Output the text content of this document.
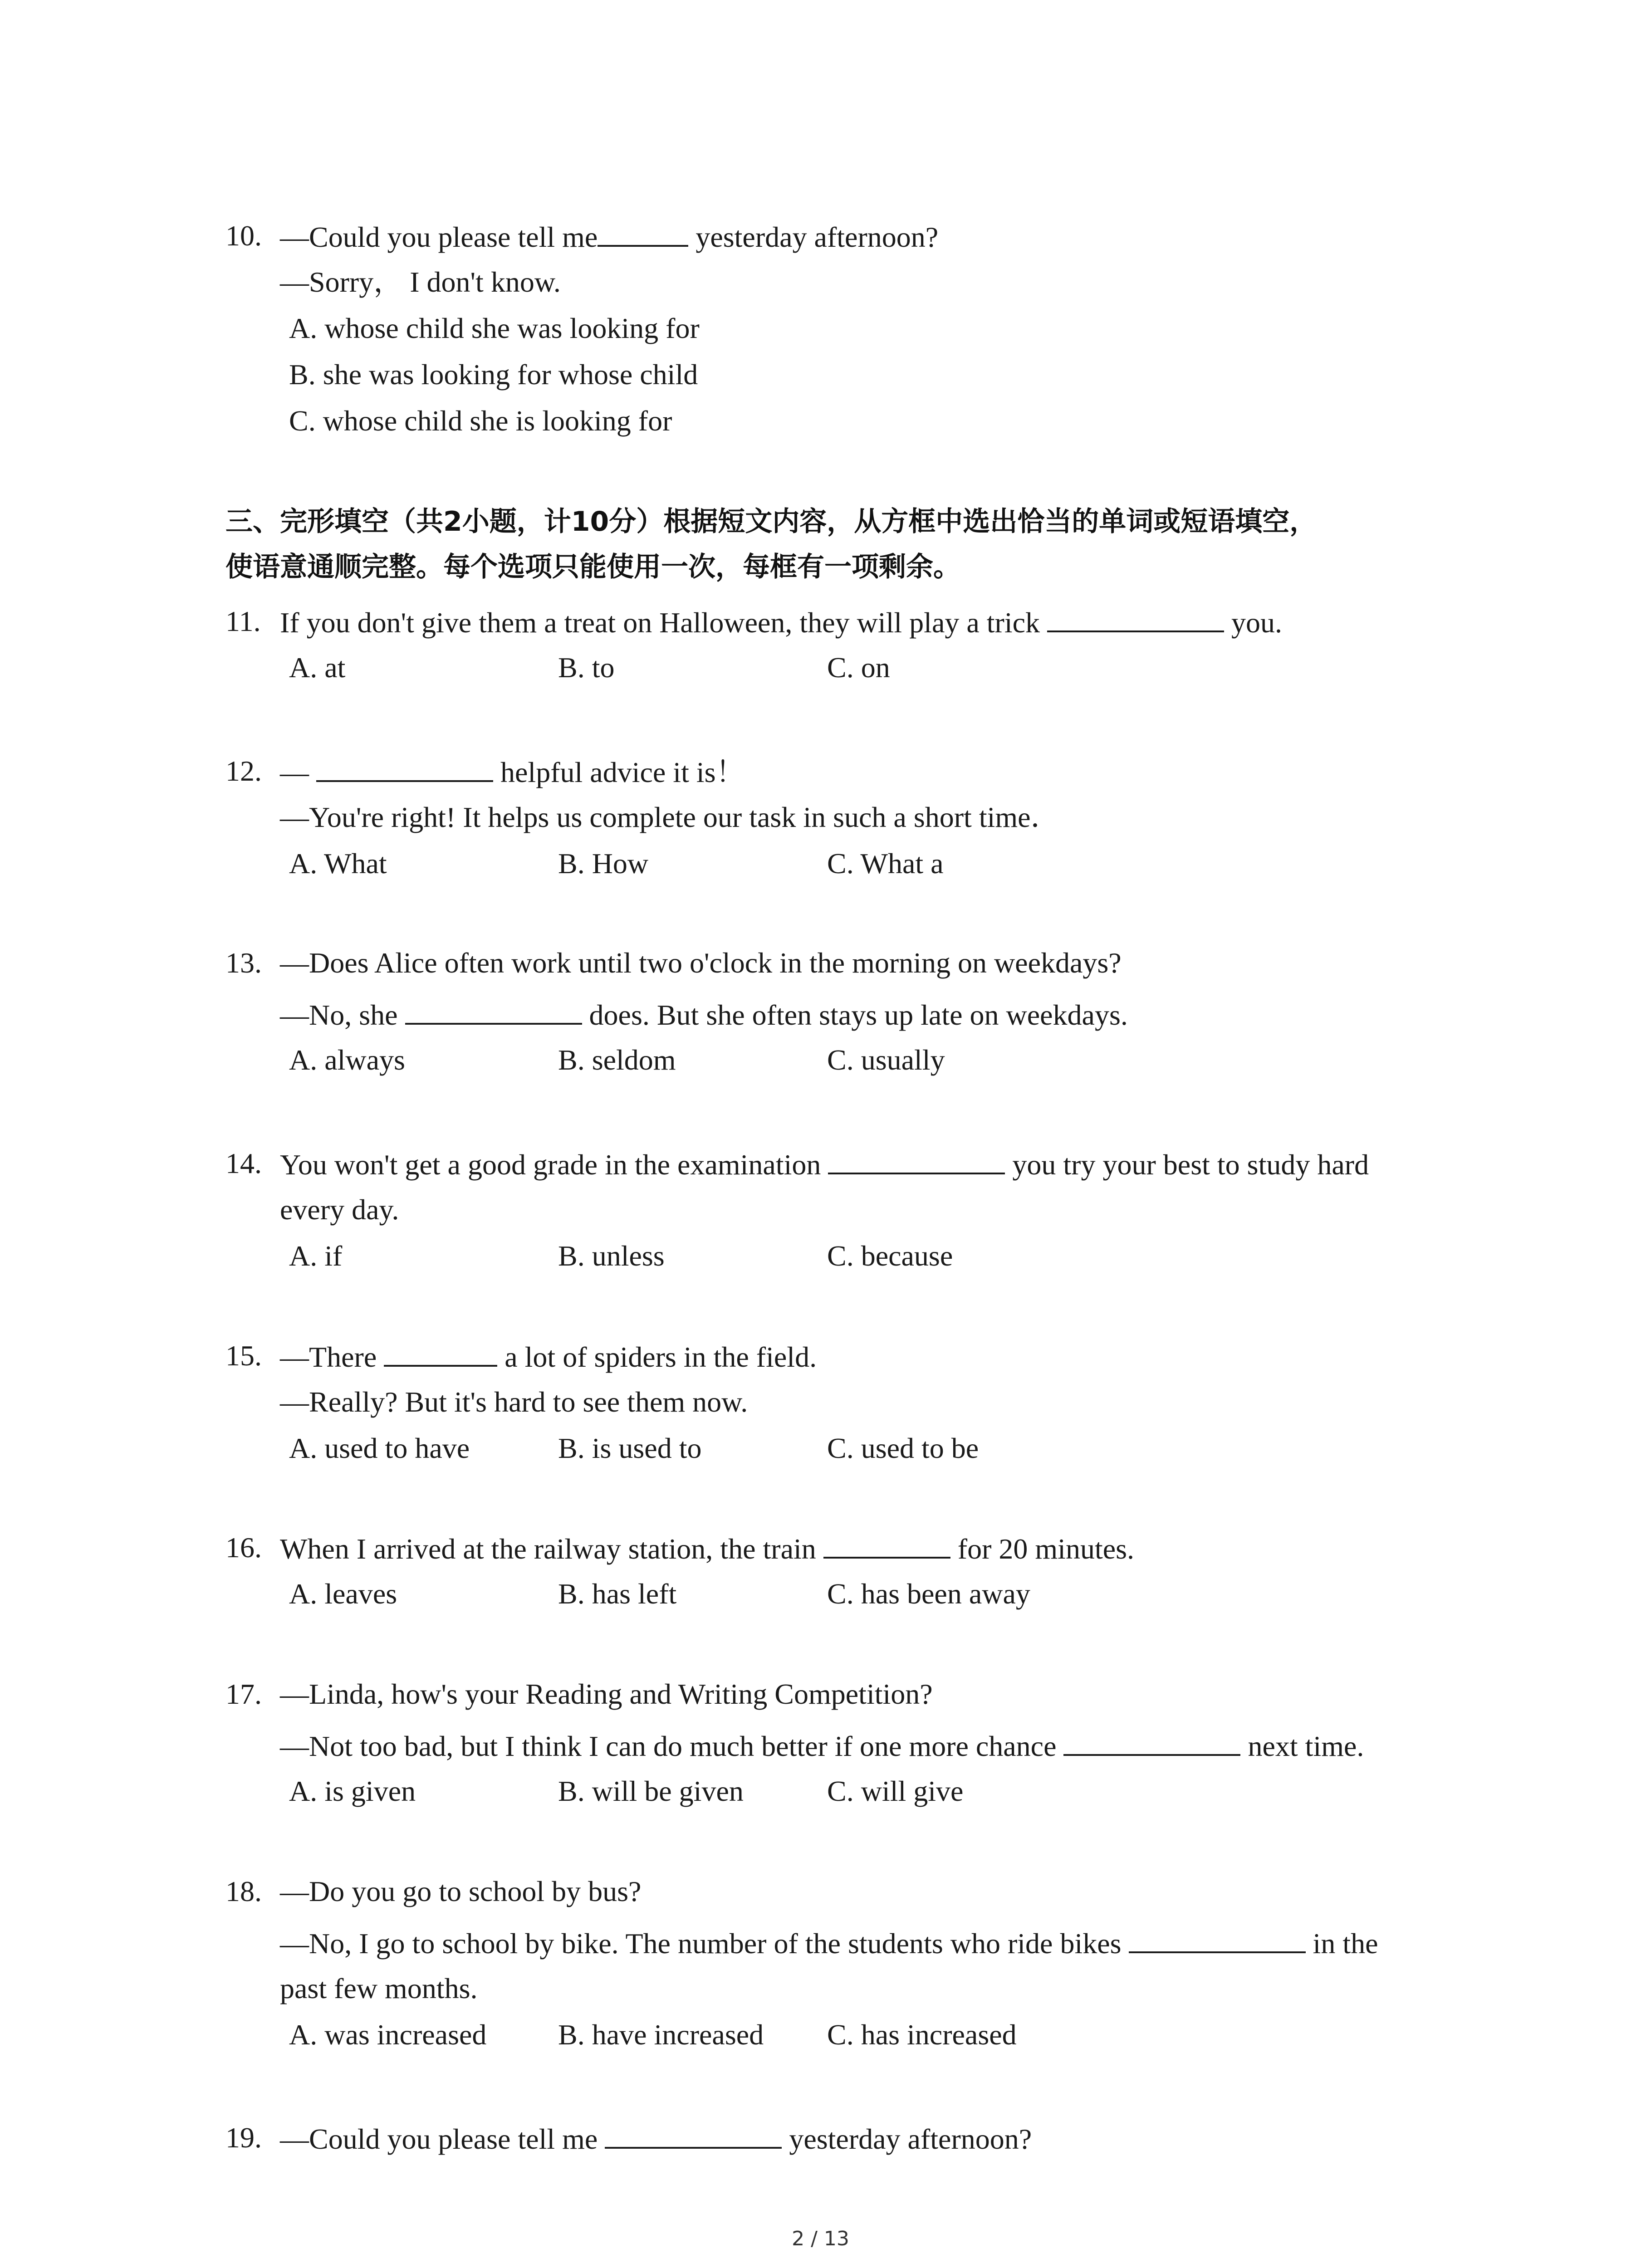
10. —Could you please tell me	yesterday afternoon?
—Sorry， I don't know.
A. whose child she was looking for
B. she was looking for whose child
C. whose child she is looking for
三、完形填空（共2小题，计10分）根据短文内容，从方框中选出恰当的单词或短语填空，
使语意通顺完整。每个选项只能使用一次，每框有一项剩余。
11. If you don't give them a treat on Halloween, they will play a trick	you.
A. at	B. to	C. on
12. —	helpful advice it is！
—You're right! It helps us complete our task in such a short time．
A. What	B. How	C. What a
13. —Does Alice often work until two o'clock in the morning on weekdays?
—No, she	does. But she often stays up late on weekdays.
A. always	B. seldom	C. usually
14. You won't get a good grade in the examination	you try your best to study hard
every day.
A. if	B. unless	C. because
15. —There	a lot of spiders in the field.
—Really? But it's hard to see them now.
A. used to have	B. is used to	C. used to be
16. When I arrived at the railway station, the train	for 20 minutes.
A. leaves	B. has left	C. has been away
17. —Linda, how's your Reading and Writing Competition?
—Not too bad, but I think I can do much better if one more chance	next time.
A. is given	B. will be given	C. will give
18. —Do you go to school by bus?
—No, I go to school by bike. The number of the students who ride bikes	in the
past few months.
A. was increased B. have increased C. has increased
19. —Could you please tell me	yesterday afternoon?
2 / 13
